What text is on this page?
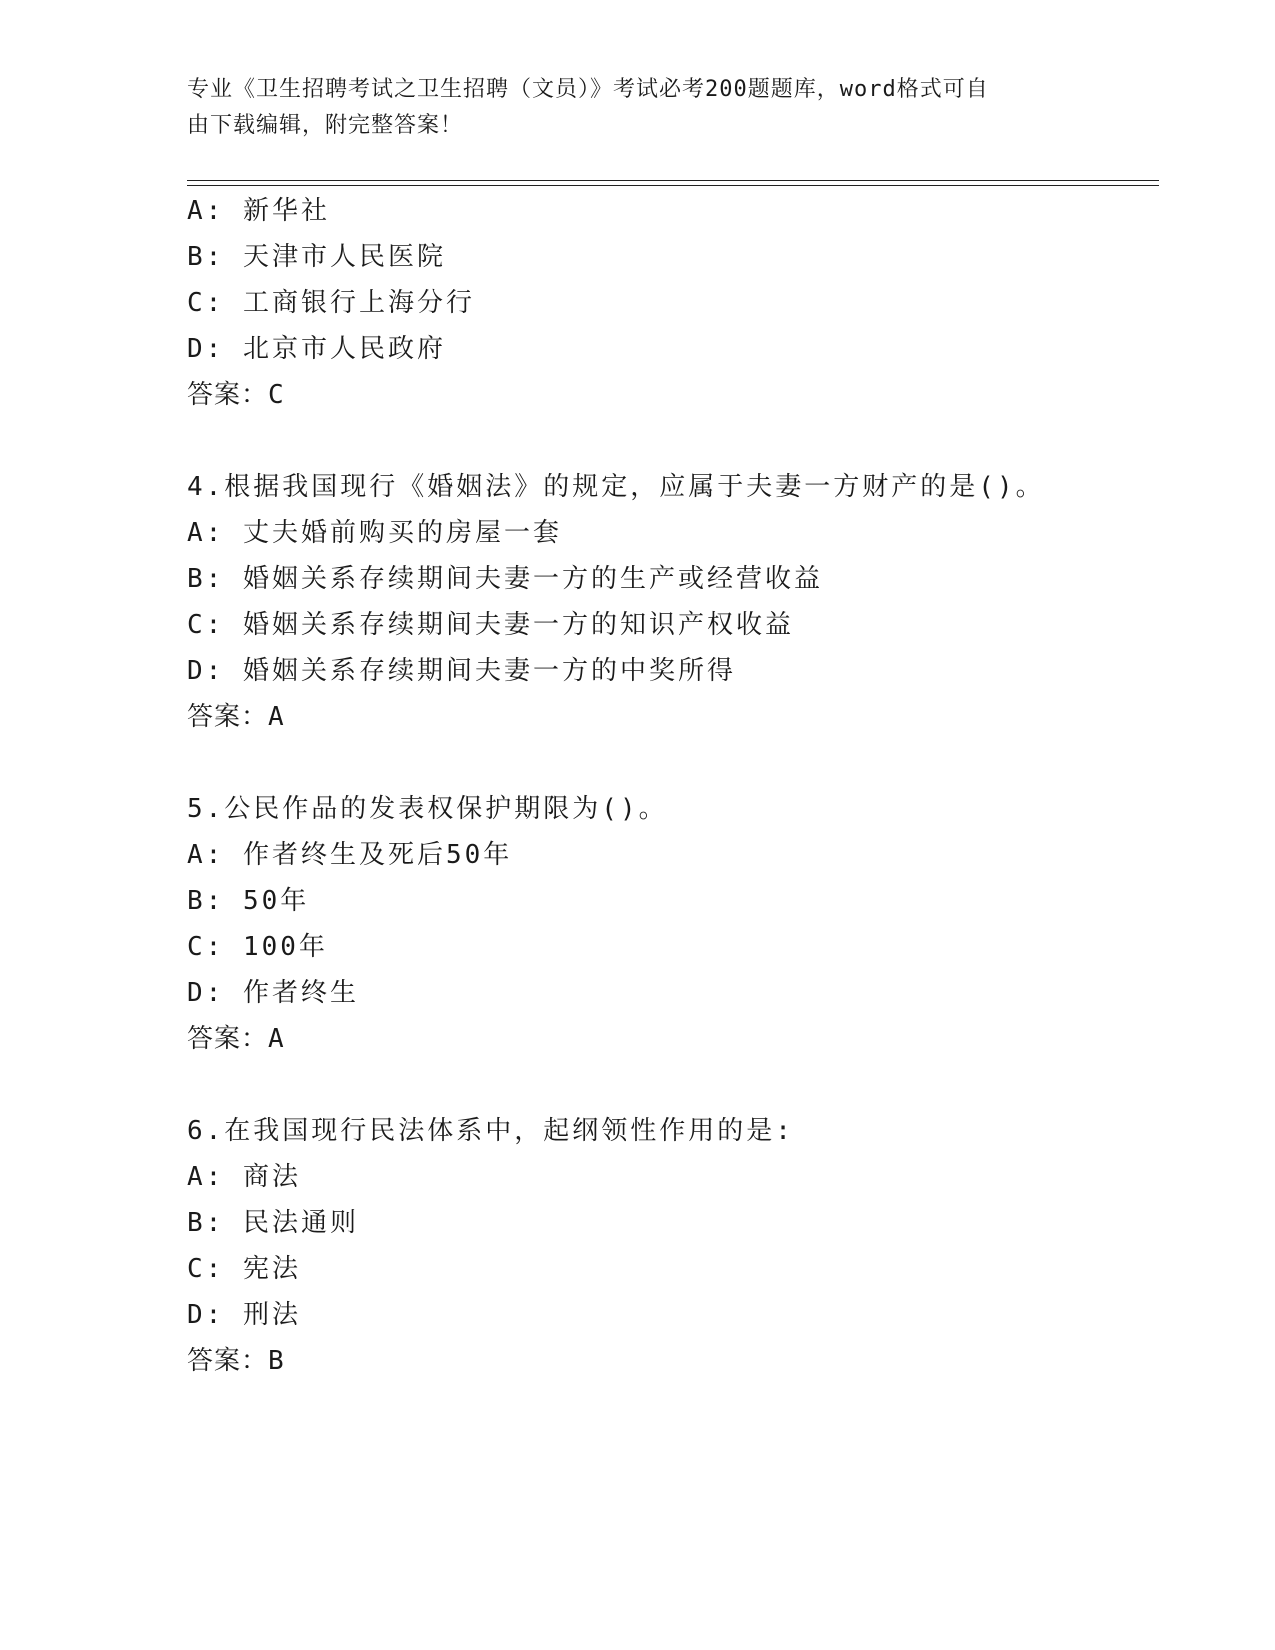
专业《卫生招聘考试之卫生招聘（文员）》考试必考200题题库，word格式可自
由下载编辑，附完整答案！
A: 新华社
B: 天津市人民医院
C: 工商银行上海分行
D: 北京市人民政府
答案：C
4.根据我国现行《婚姻法》的规定，应属于夫妻一方财产的是()。
A: 丈夫婚前购买的房屋一套
B: 婚姻关系存续期间夫妻一方的生产或经营收益
C: 婚姻关系存续期间夫妻一方的知识产权收益
D: 婚姻关系存续期间夫妻一方的中奖所得
答案：A
5.公民作品的发表权保护期限为()。
A: 作者终生及死后50年
B: 50年
C: 100年
D: 作者终生
答案：A
6.在我国现行民法体系中，起纲领性作用的是:
A: 商法
B: 民法通则
C: 宪法
D: 刑法
答案：B
